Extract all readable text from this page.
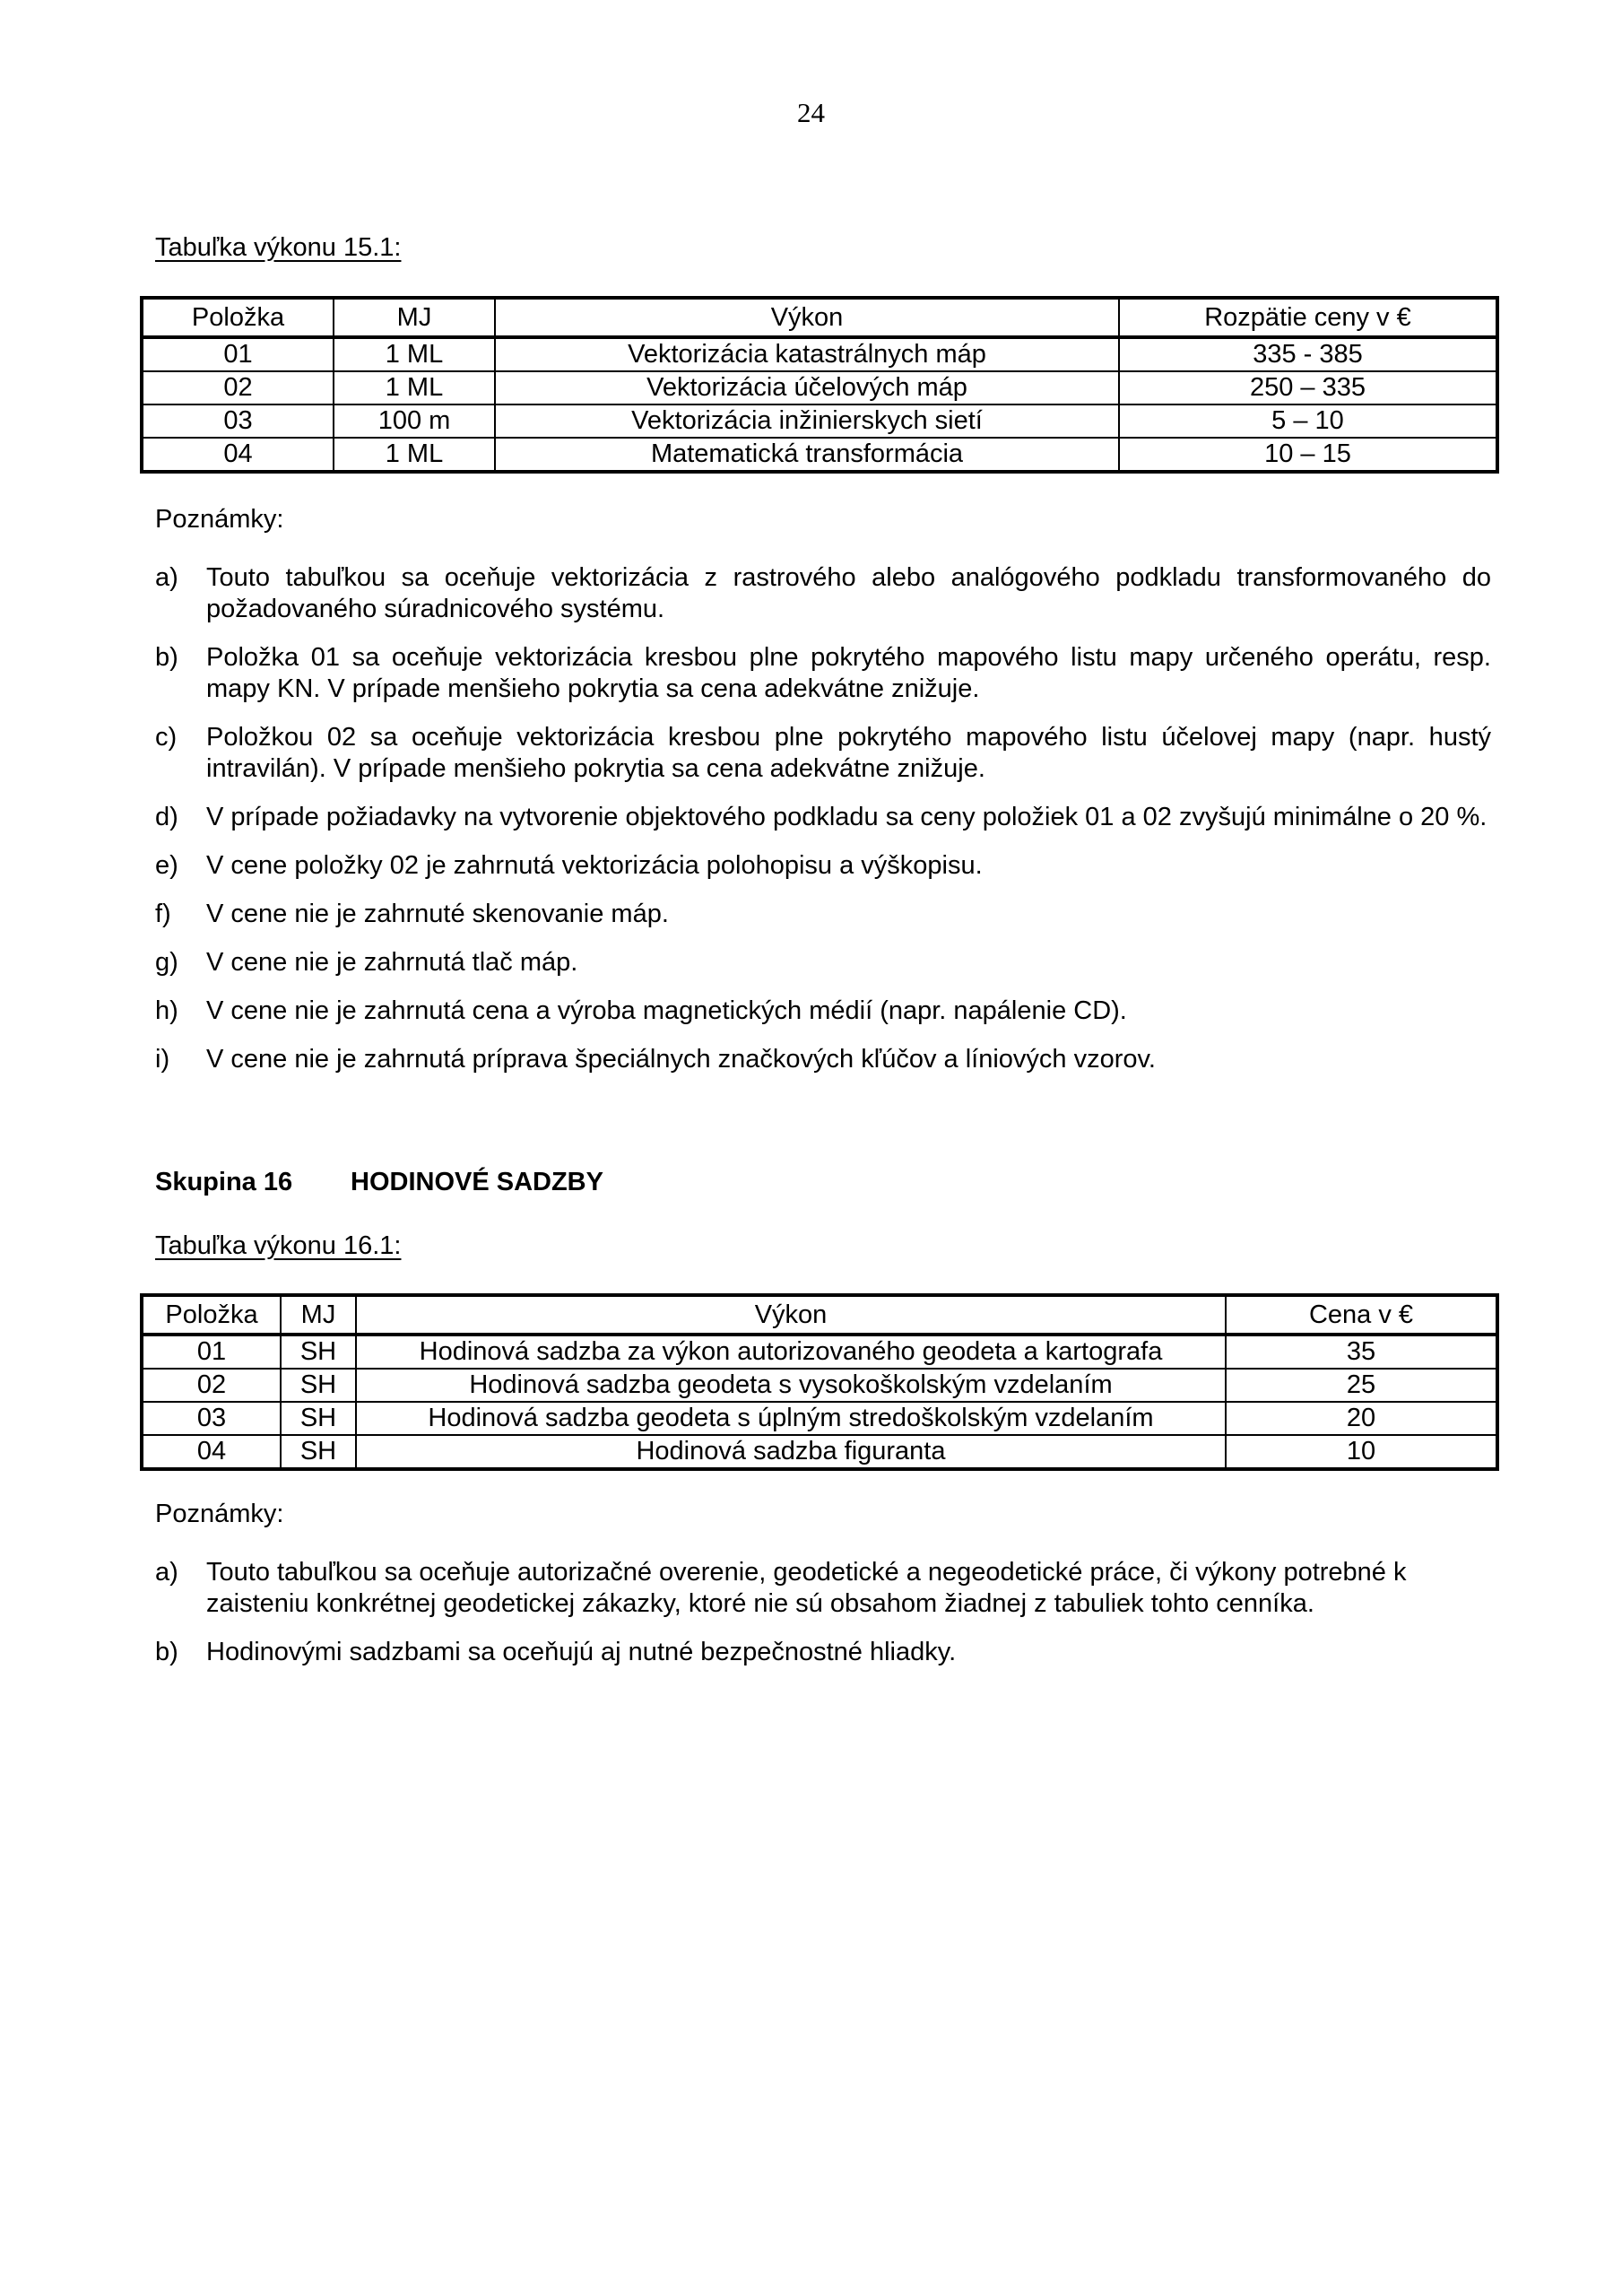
24
Tabuľka výkonu 15.1:
Položka	MJ	Výkon	Rozpätie ceny v €
01	1 ML	Vektorizácia katastrálnych máp	335 - 385
02	1 ML	Vektorizácia účelových máp	250 – 335
03	100 m	Vektorizácia inžinierskych sietí	5 – 10
04	1 ML	Matematická transformácia	10 – 15
Poznámky:
a)	Touto tabuľkou sa oceňuje vektorizácia z rastrového alebo analógového podkladu transformovaného do požadovaného súradnicového systému.
b)	Položka 01 sa oceňuje vektorizácia kresbou plne pokrytého mapového listu mapy určeného operátu, resp. mapy KN. V prípade menšieho pokrytia sa cena adekvátne znižuje.
c)	Položkou 02 sa oceňuje vektorizácia kresbou plne pokrytého mapového listu účelovej mapy (napr. hustý intravilán). V prípade menšieho pokrytia sa cena adekvátne znižuje.
d)	V prípade požiadavky na vytvorenie objektového podkladu sa ceny položiek 01 a 02 zvyšujú minimálne o 20 %.
e)	V cene položky 02 je zahrnutá vektorizácia polohopisu a výškopisu.
f)	V cene nie je zahrnuté skenovanie máp.
g)	V cene nie je zahrnutá tlač máp.
h)	V cene nie je zahrnutá cena a výroba magnetických médií (napr. napálenie CD).
i)	V cene nie je zahrnutá príprava špeciálnych značkových kľúčov a líniových vzorov.
Skupina 16 HODINOVÉ SADZBY
Tabuľka výkonu 16.1:
Položka	MJ	Výkon	Cena v €
01	SH	Hodinová sadzba za výkon autorizovaného geodeta a kartografa	35
02	SH	Hodinová sadzba geodeta s vysokoškolským vzdelaním	25
03	SH	Hodinová sadzba geodeta s úplným stredoškolským vzdelaním	20
04	SH	Hodinová sadzba figuranta	10
Poznámky:
a)	Touto tabuľkou sa oceňuje autorizačné overenie, geodetické a negeodetické práce, či výkony potrebné k zaisteniu konkrétnej geodetickej zákazky, ktoré nie sú obsahom žiadnej z tabuliek tohto cenníka.
b)	Hodinovými sadzbami sa oceňujú aj nutné bezpečnostné hliadky.
